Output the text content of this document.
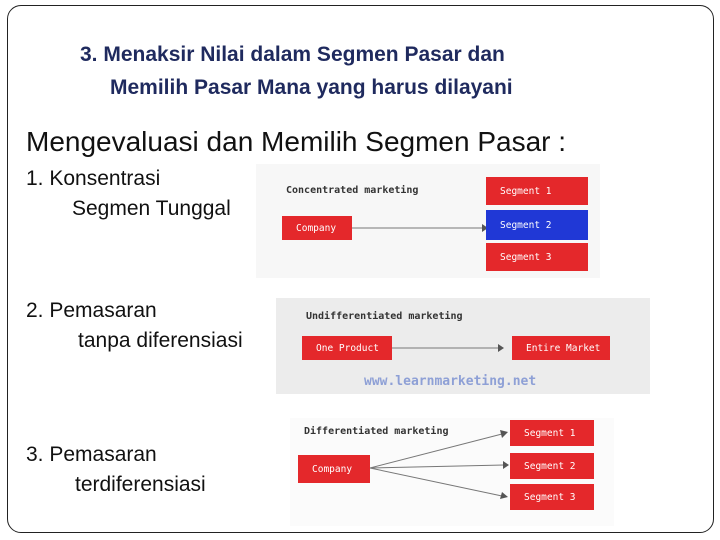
3. Menaksir Nilai dalam Segmen Pasar dan
Memilih Pasar Mana yang harus dilayani
Mengevaluasi dan Memilih Segmen Pasar :
1. Konsentrasi
Segmen Tunggal
Concentrated marketing
Company
Segment 1
Segment 2
Segment 3
2. Pemasaran
tanpa diferensiasi
Undifferentiated marketing
One Product	Entire Market
www.learnmarketing.net
3. Pemasaran
terdiferensiasi
Differentiated marketing
Company
Segment 1
Segment 2
Segment 3
